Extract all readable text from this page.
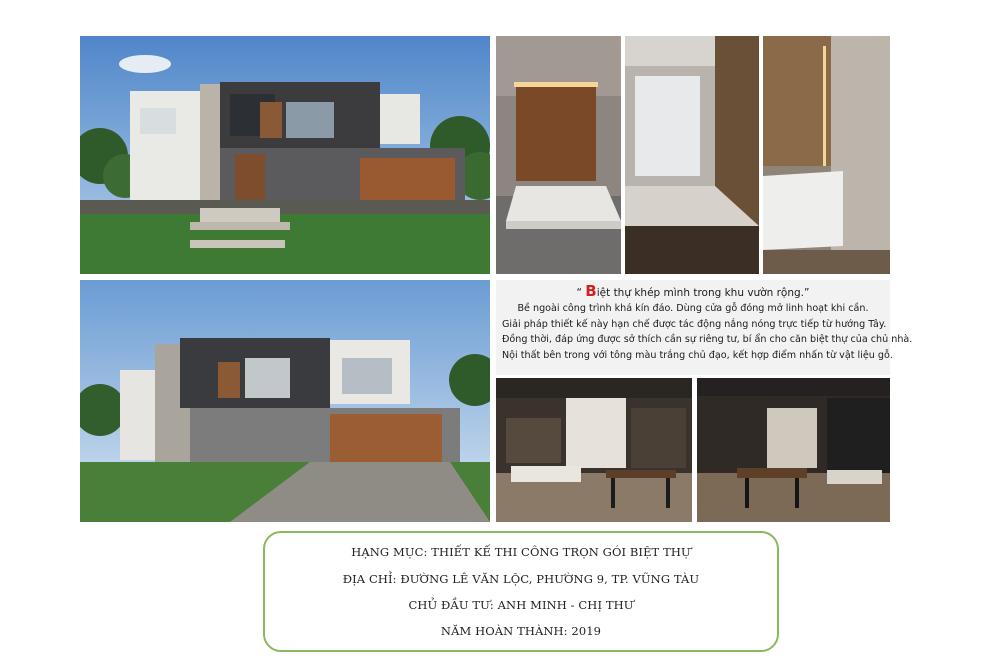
“ Biệt thự khép mình trong khu vườn rộng.”

Bề ngoài công trình khá kín đáo. Dùng cửa gỗ đóng mở linh hoạt khi cần.

Giải pháp thiết kế này hạn chế được tác động nắng nóng trực tiếp từ hướng Tây.

Đồng thời, đáp ứng được sở thích cần sự riêng tư, bí ẩn cho căn biệt thự của chủ nhà.

Nội thất bên trong với tông màu trắng chủ đạo, kết hợp điểm nhấn từ vật liệu gỗ.

HẠNG MỤC: THIẾT KẾ THI CÔNG TRỌN GÓI BIỆT THỰ

ĐỊA CHỈ: ĐƯỜNG LÊ VĂN LỘC, PHƯỜNG 9, TP. VŨNG TÀU

CHỦ ĐẦU TƯ: ANH MINH - CHỊ THƯ

NĂM HOÀN THÀNH: 2019
